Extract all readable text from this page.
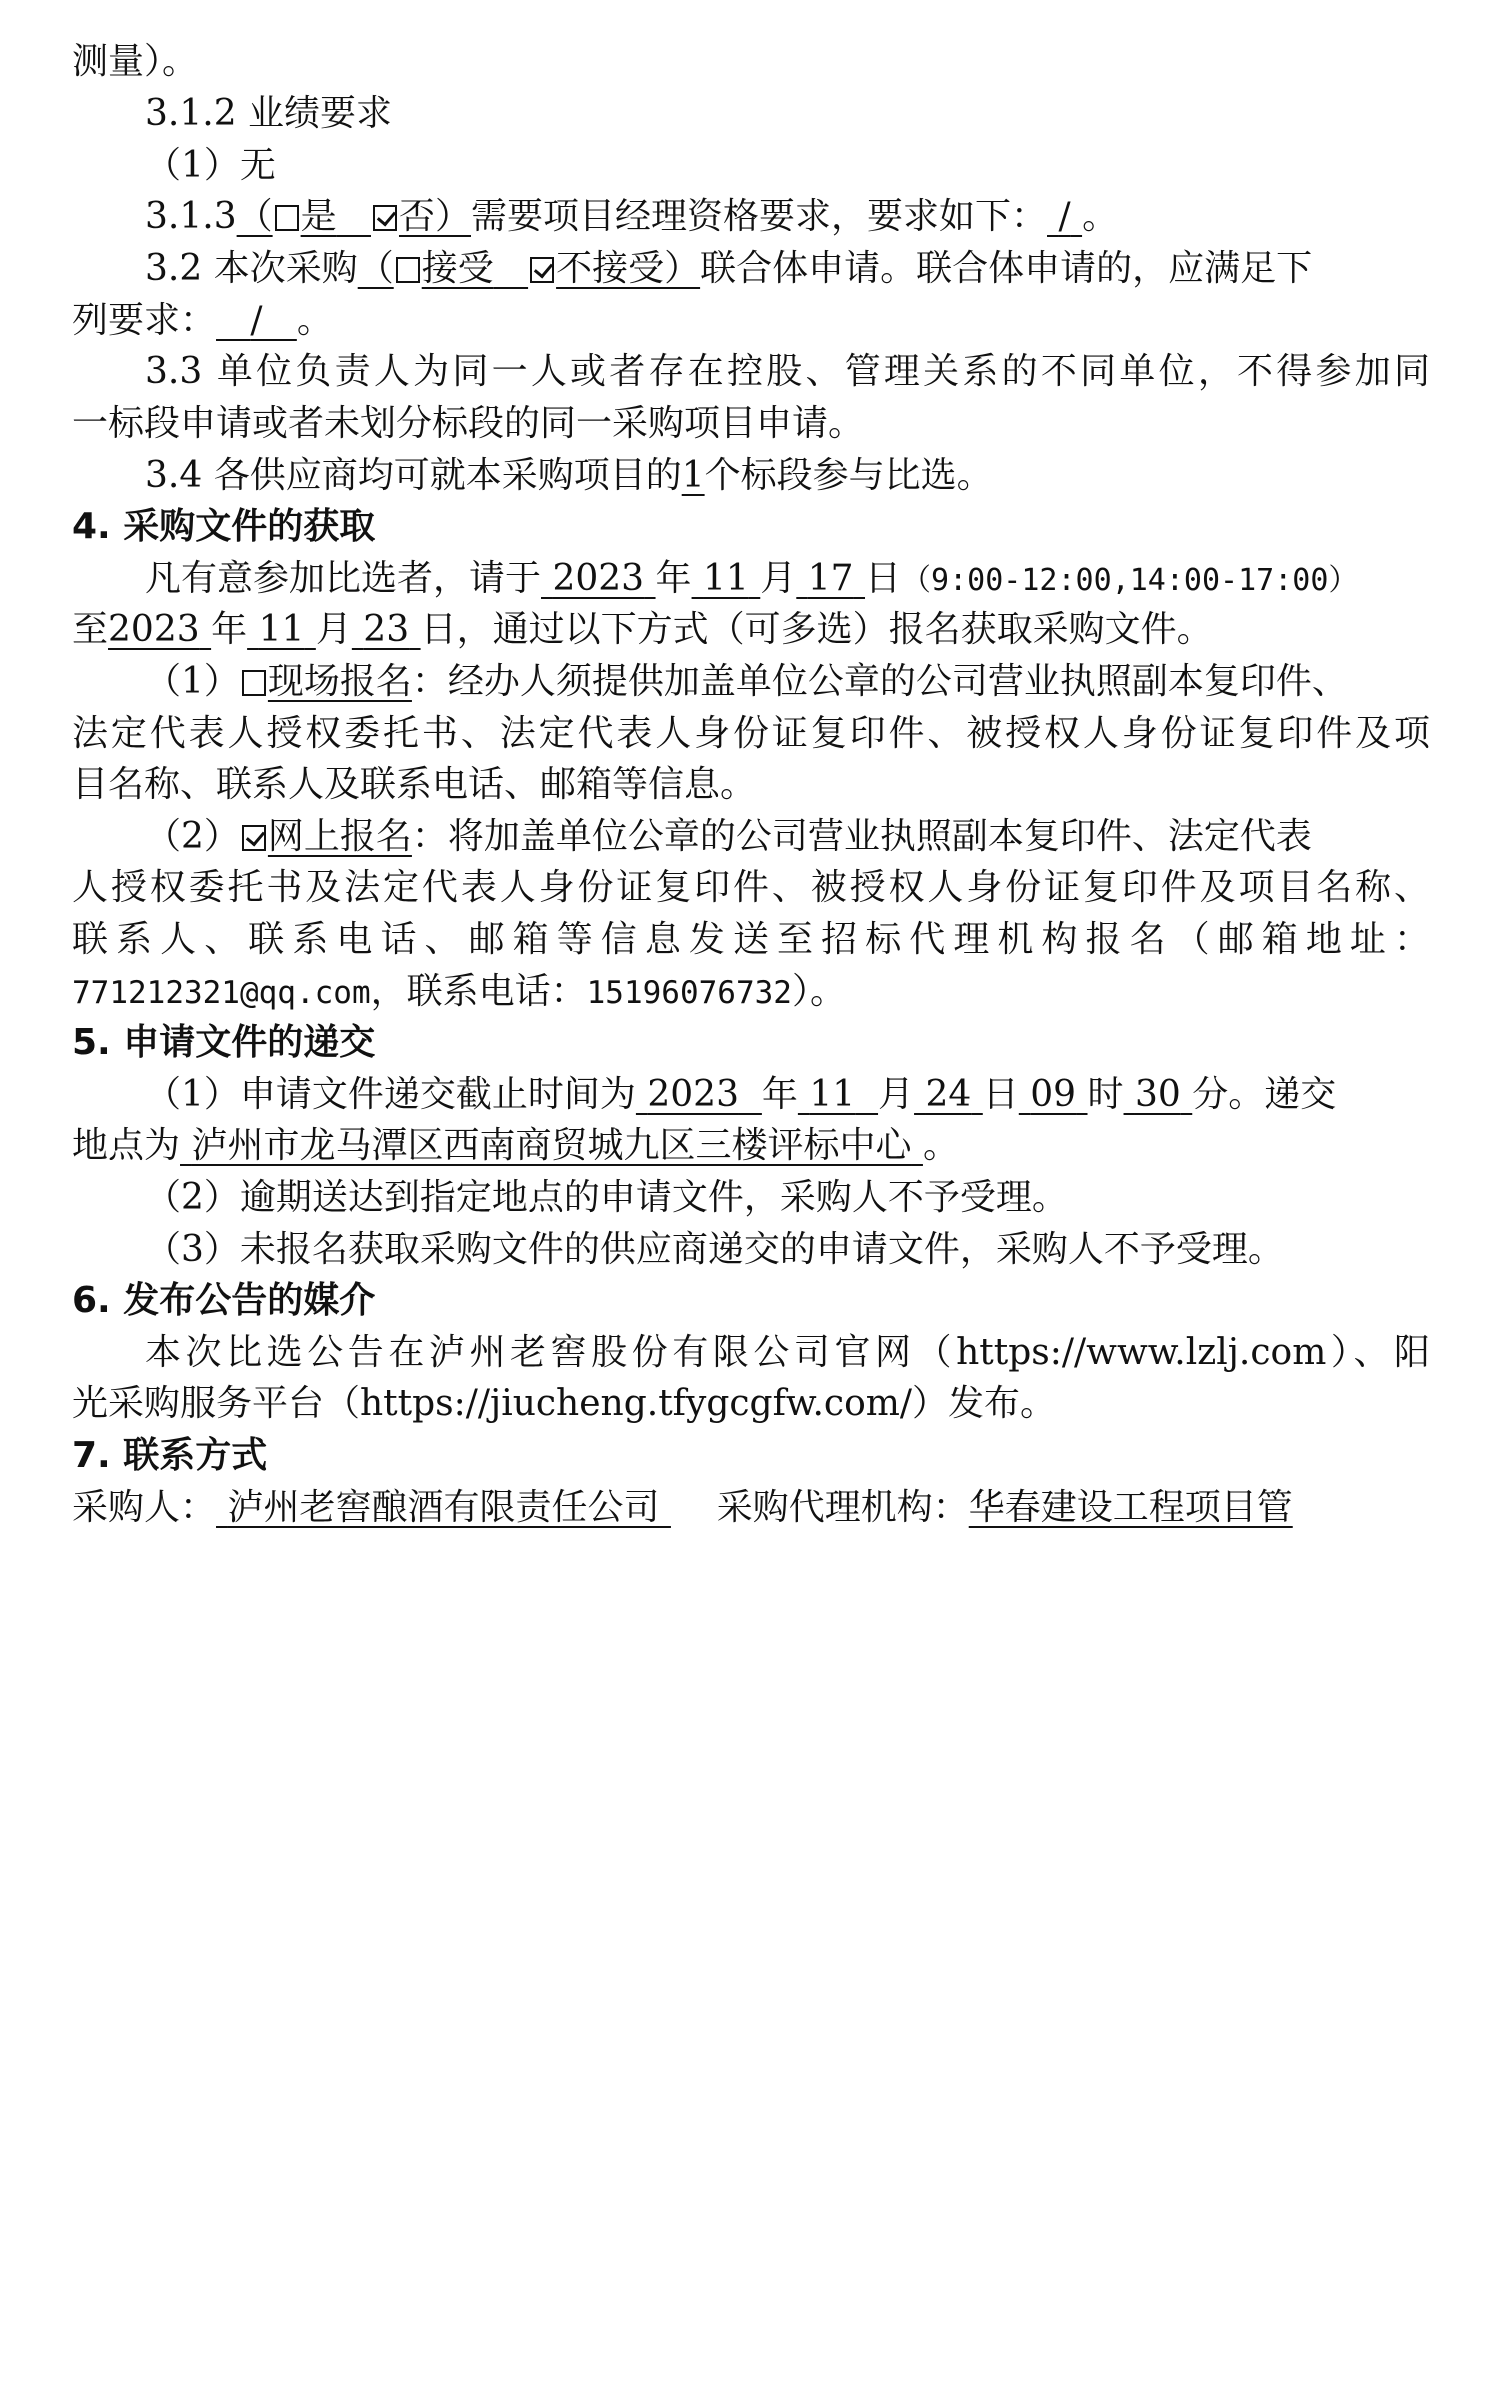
测量）。
3.1.2 业绩要求
（1）无
3.1.3（ 是 否）需要项目经理资格要求，要求如下： / 。
3.2 本次采购（ 接受 不接受）联合体申请。联合体申请的，应满足下
列要求： / 。
3.3 单位负责人为同一人或者存在控股、管理关系的不同单位，不得参加同
一标段申请或者未划分标段的同一采购项目申请。
3.4 各供应商均可就本采购项目的1个标段参与比选。
4. 采购文件的获取
凡有意参加比选者，请于 2023 年 11 月 17 日（9:00-12:00,14:00-17:00）
至2023 年 11 月 23 日，通过以下方式（可多选）报名获取采购文件。
（1） 现场报名：经办人须提供加盖单位公章的公司营业执照副本复印件、
法定代表人授权委托书、法定代表人身份证复印件、被授权人身份证复印件及项
目名称、联系人及联系电话、邮箱等信息。
（2） 网上报名：将加盖单位公章的公司营业执照副本复印件、法定代表
人授权委托书及法定代表人身份证复印件、被授权人身份证复印件及项目名称、
联系人、联系电话、邮箱等信息发送至招标代理机构报名（邮箱地址：
771212321@qq.com，联系电话：15196076732）。
5. 申请文件的递交
（1）申请文件递交截止时间为 2023 年 11 月 24 日 09 时 30 分。递交
地点为 泸州市龙马潭区西南商贸城九区三楼评标中心 。
（2）逾期送达到指定地点的申请文件，采购人不予受理。
（3）未报名获取采购文件的供应商递交的申请文件，采购人不予受理。
6. 发布公告的媒介
本次比选公告在泸州老窖股份有限公司官网（https://www.lzlj.com）、阳
光采购服务平台（https://jiucheng.tfygcgfw.com/）发布。
7. 联系方式
采购人： 泸州老窖酿酒有限责任公司 采购代理机构：华春建设工程项目管
